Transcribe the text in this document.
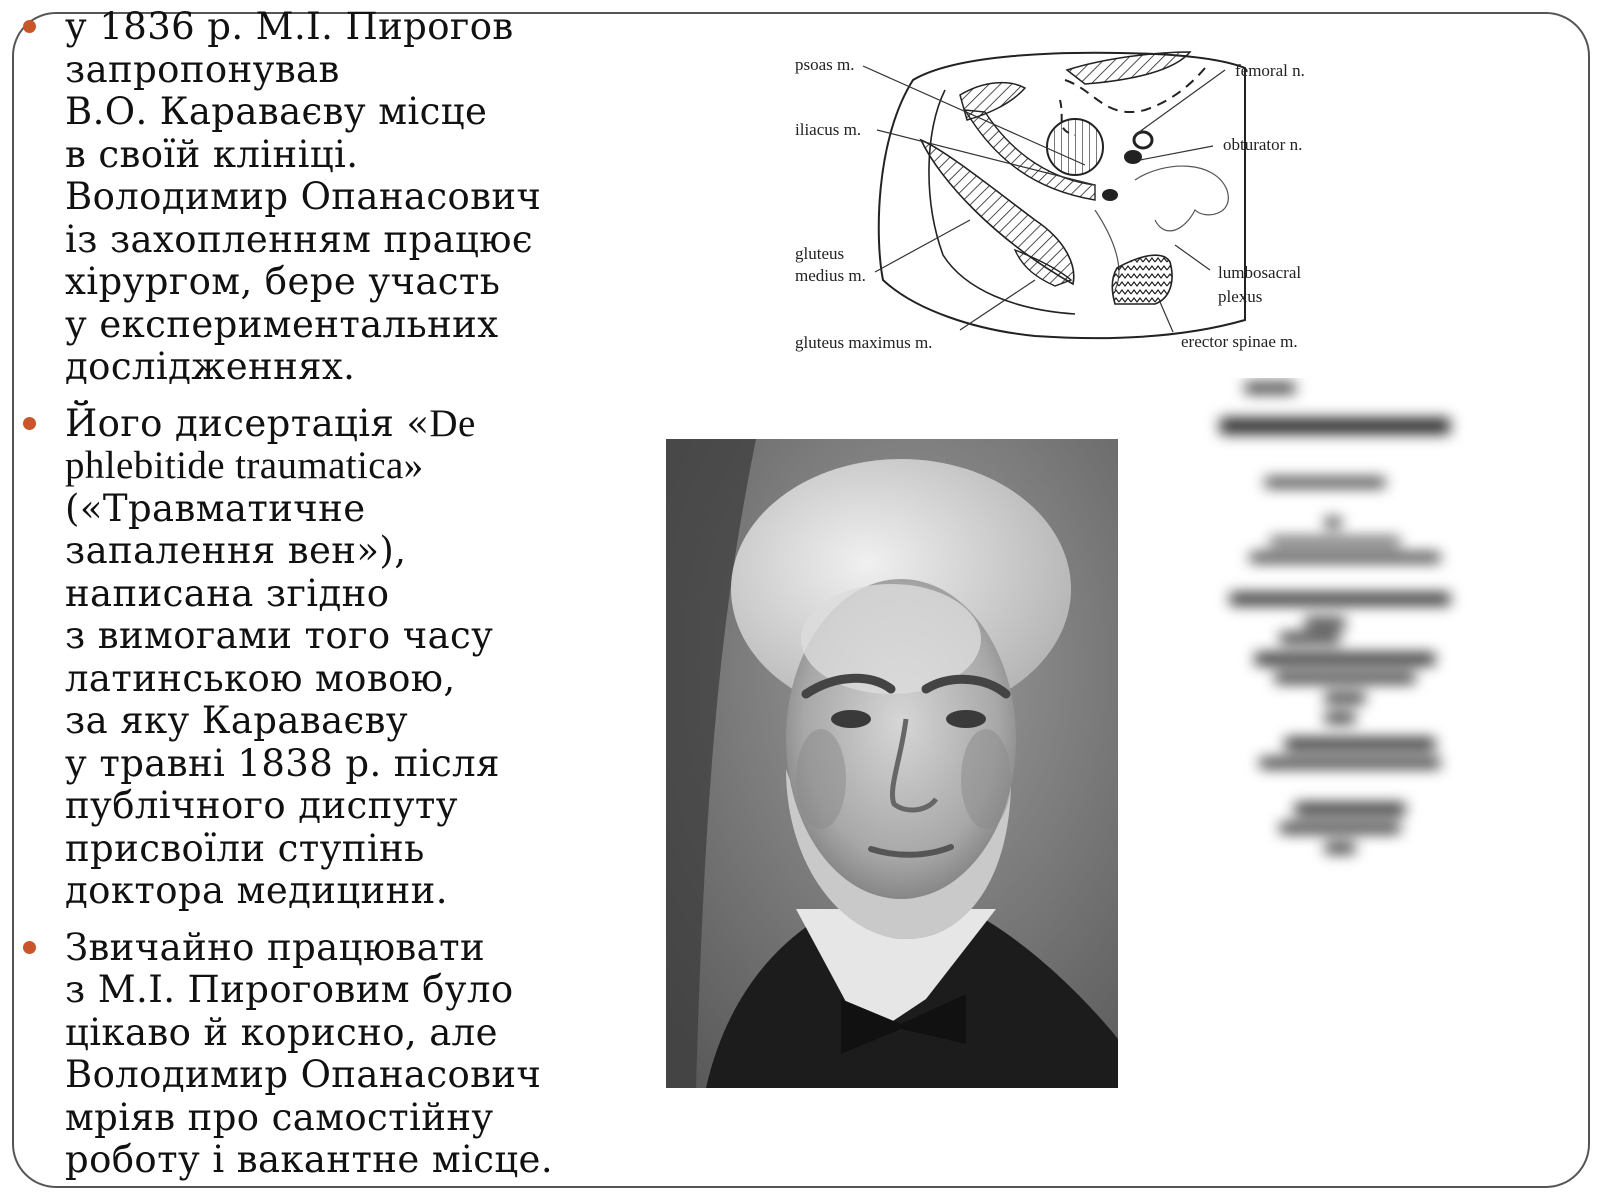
у 1836 р. М.І. Пирогов
запропонував
В.О. Караваєву місце
в своїй клініці.
Володимир Опанасович
із захопленням працює
хірургом, бере участь
у експериментальних
дослідженнях.

Його дисертація «De
phlebitide traumatica»
(«Травматичне
запалення вен»),
написана згідно
з вимогами того часу
латинською мовою,
за яку Караваєву
у травні 1838 р. після
публічного диспуту
присвоїли ступінь
доктора медицини.

Звичайно працювати
з М.І. Пироговим було
цікаво й корисно, але
Володимир Опанасович
мріяв про самостійну
роботу і вакантне місце.

psoas m.
iliacus m.
gluteus
medius m.
gluteus maximus m.
femoral n.
obturator n.
lumbosacral
plexus
erector spinae m.
